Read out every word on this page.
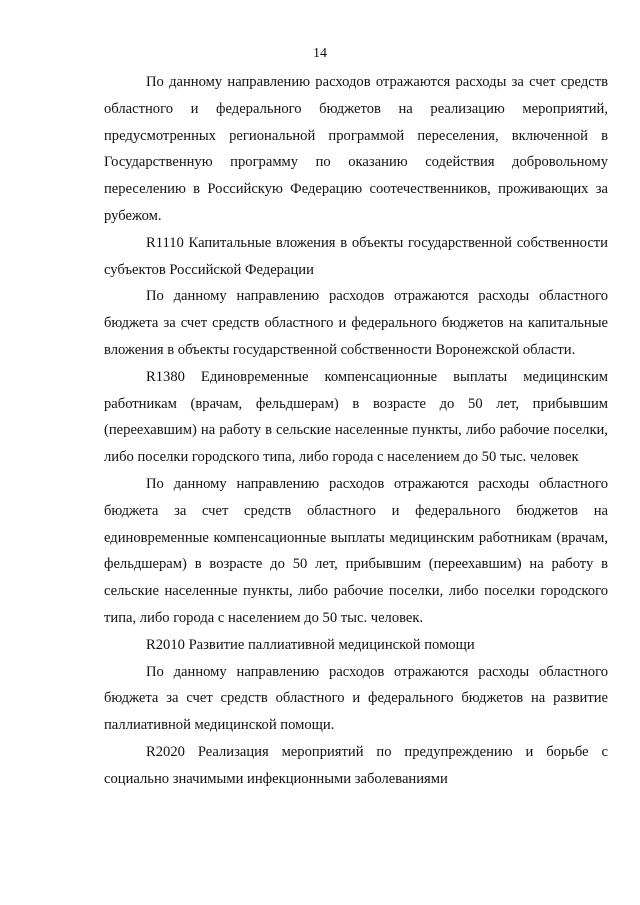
14

По данному направлению расходов отражаются расходы за счет средств областного и федерального бюджетов на реализацию мероприятий, предусмотренных региональной программой переселения, включенной в Государственную программу по оказанию содействия добровольному переселению в Российскую Федерацию соотечественников, проживающих за рубежом.

R1110 Капитальные вложения в объекты государственной собственности субъектов Российской Федерации

По данному направлению расходов отражаются расходы областного бюджета за счет средств областного и федерального бюджетов на капитальные вложения в объекты государственной собственности Воронежской области.

R1380 Единовременные компенсационные выплаты медицинским работникам (врачам, фельдшерам) в возрасте до 50 лет, прибывшим (переехавшим) на работу в сельские населенные пункты, либо рабочие поселки, либо поселки городского типа, либо города с населением до 50 тыс. человек

По данному направлению расходов отражаются расходы областного бюджета за счет средств областного и федерального бюджетов на единовременные компенсационные выплаты медицинским работникам (врачам, фельдшерам) в возрасте до 50 лет, прибывшим (переехавшим) на работу в сельские населенные пункты, либо рабочие поселки, либо поселки городского типа, либо города с населением до 50 тыс. человек.

R2010 Развитие паллиативной медицинской помощи

По данному направлению расходов отражаются расходы областного бюджета за счет средств областного и федерального бюджетов на развитие паллиативной медицинской помощи.

R2020 Реализация мероприятий по предупреждению и борьбе с социально значимыми инфекционными заболеваниями
